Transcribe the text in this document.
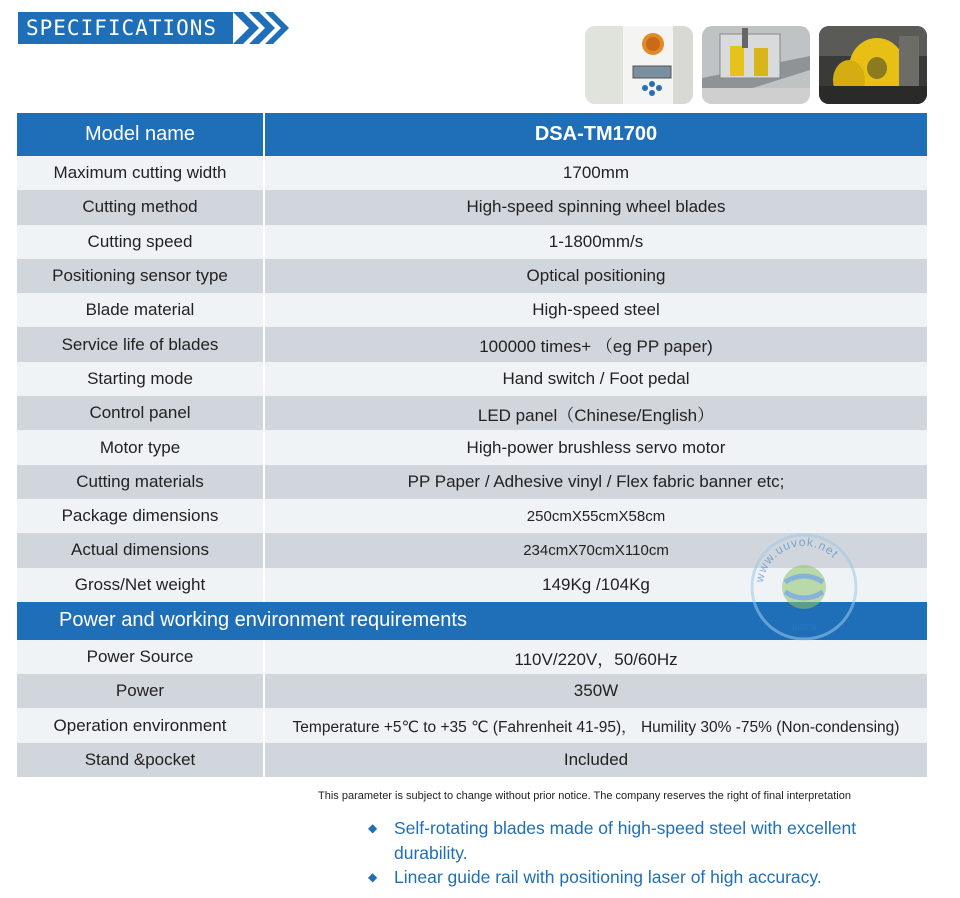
SPECIFICATIONS
Model name	DSA-TM1700
Maximum cutting width	1700mm
Cutting method	High-speed spinning wheel blades
Cutting speed	1-1800mm/s
Positioning sensor type	Optical positioning
Blade material	High-speed steel
Service life of blades	100000 times+ （eg PP paper)
Starting mode	Hand switch / Foot pedal
Control panel	LED panel（Chinese/English）
Motor type	High-power brushless servo motor
Cutting materials	PP Paper / Adhesive vinyl / Flex fabric banner etc;
Package dimensions	250cmX55cmX58cm
Actual dimensions	234cmX70cmX110cm
Gross/Net weight	149Kg /104Kg
Power and working environment requirements
Power Source	110V/220V，50/60Hz
Power	350W
Operation environment	Temperature +5℃ to +35 ℃ (Fahrenheit 41-95)， Humility 30% -75% (Non-condensing)
Stand &pocket	Included
This parameter is subject to change without prior notice. The company reserves the right of final interpretation
◆ Self-rotating blades made of high-speed steel with excellent durability.
◆ Linear guide rail with positioning laser of high accuracy.
BISEN
www.uuvok.net
